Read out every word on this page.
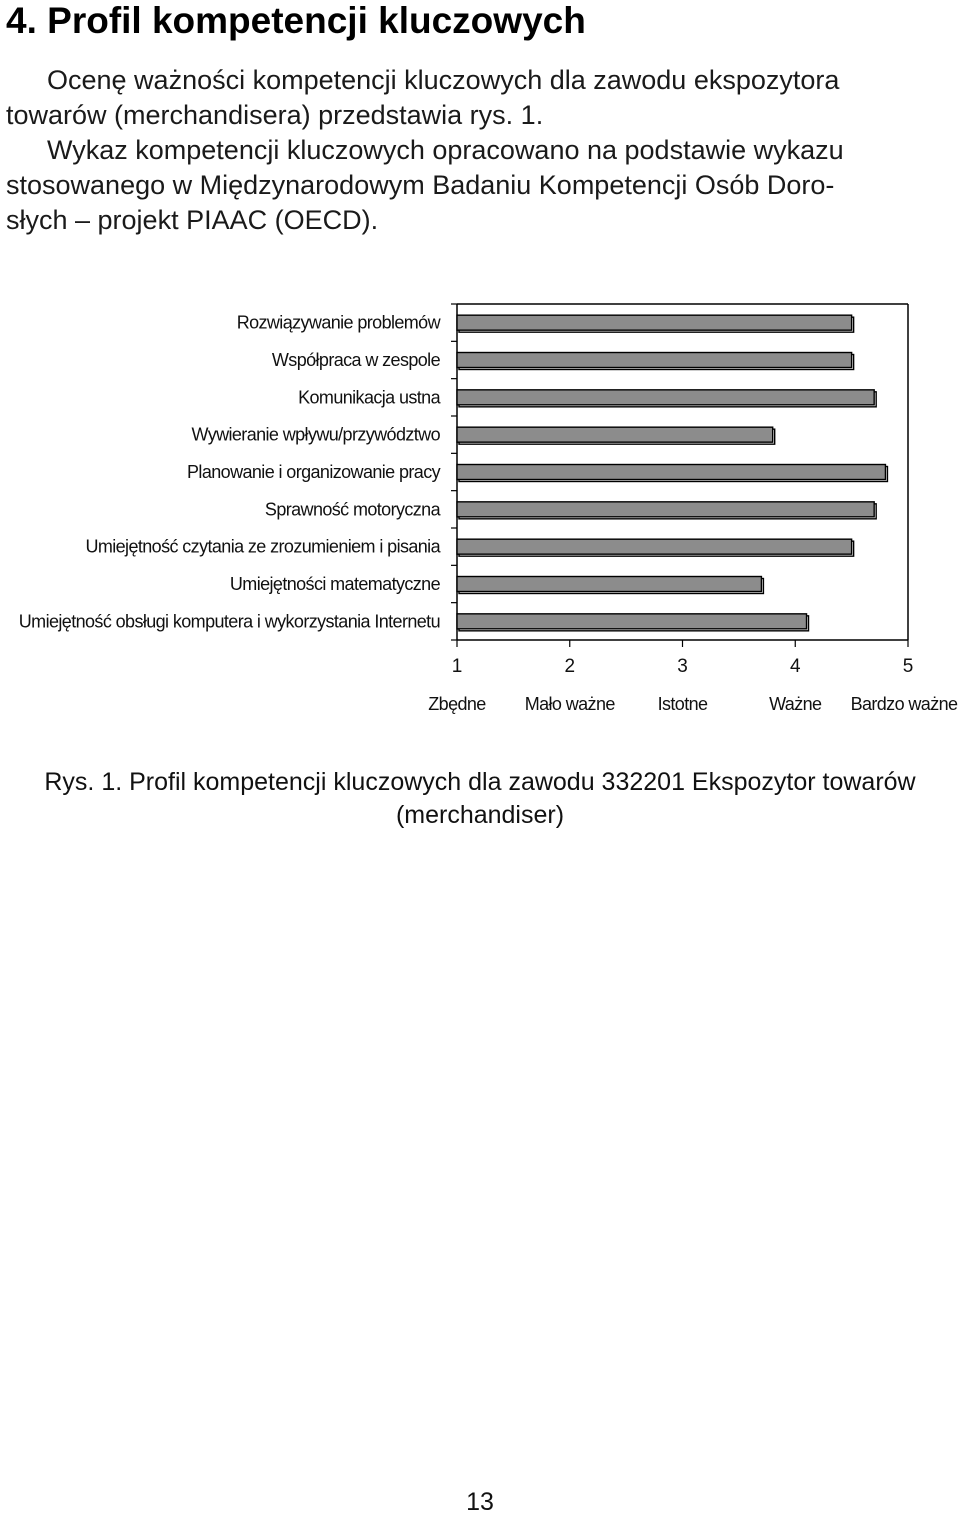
4. Profil kompetencji kluczowych
Ocenę ważności kompetencji kluczowych dla zawodu ekspozytora
towarów (merchandisera) przedstawia rys. 1.
Wykaz kompetencji kluczowych opracowano na podstawie wykazu
stosowanego w Międzynarodowym Badaniu Kompetencji Osób Doro-
słych – projekt PIAAC (OECD).
Rozwiązywanie problemów
Współpraca w zespole
Komunikacja ustna
Wywieranie wpływu/przywództwo
Planowanie i organizowanie pracy
Sprawność motoryczna
Umiejętność czytania ze zrozumieniem i pisania
Umiejętności matematyczne
Umiejętność obsługi komputera i wykorzystania Internetu
1	2	3	4	5
Zbędne Mało ważne Istotne	Ważne Bardzo ważne
Rys. 1. Profil kompetencji kluczowych dla zawodu 332201 Ekspozytor towarów
(merchandiser)
13
